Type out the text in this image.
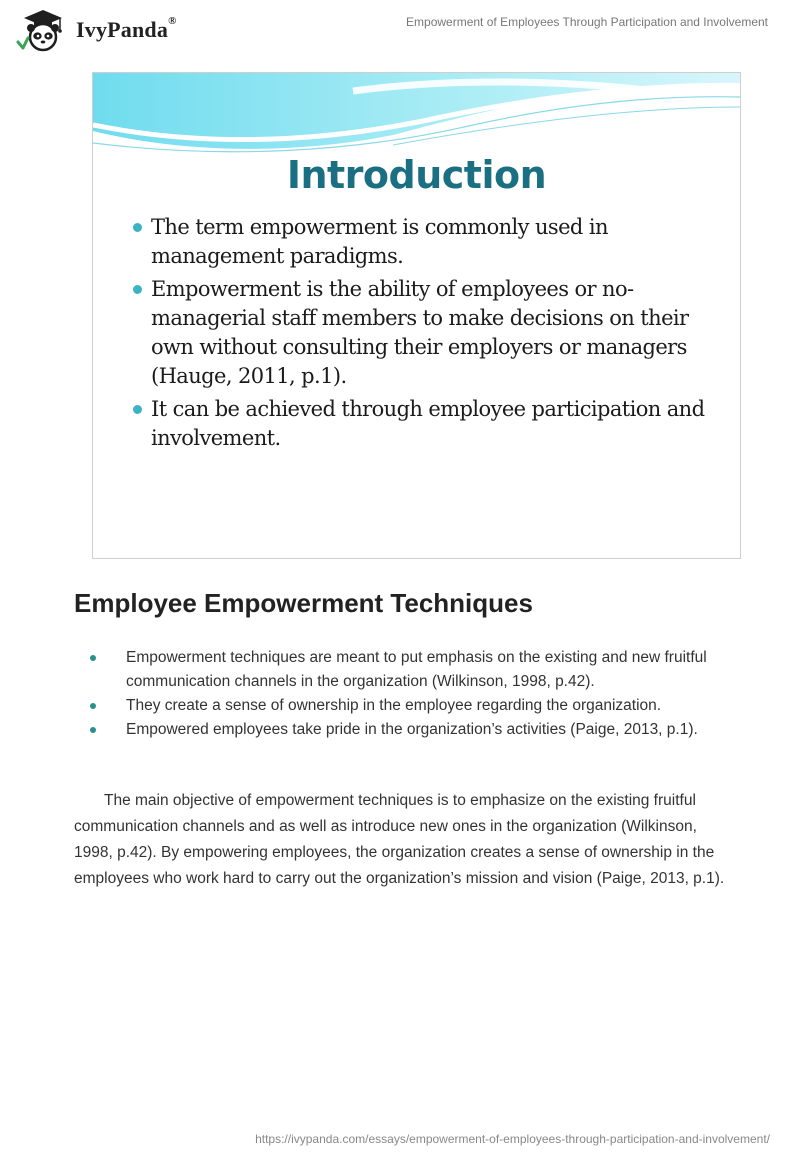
IvyPanda®	Empowerment of Employees Through Participation and Involvement
Introduction
The term empowerment is commonly used in management paradigms.
Empowerment is the ability of employees or no-managerial staff members to make decisions on their own without consulting their employers or managers (Hauge, 2011, p.1).
It can be achieved through employee participation and involvement.
Employee Empowerment Techniques
Empowerment techniques are meant to put emphasis on the existing and new fruitful communication channels in the organization (Wilkinson, 1998, p.42).
They create a sense of ownership in the employee regarding the organization.
Empowered employees take pride in the organization’s activities (Paige, 2013, p.1).

The main objective of empowerment techniques is to emphasize on the existing fruitful communication channels and as well as introduce new ones in the organization (Wilkinson, 1998, p.42). By empowering employees, the organization creates a sense of ownership in the employees who work hard to carry out the organization’s mission and vision (Paige, 2013, p.1).

https://ivypanda.com/essays/empowerment-of-employees-through-participation-and-involvement/
